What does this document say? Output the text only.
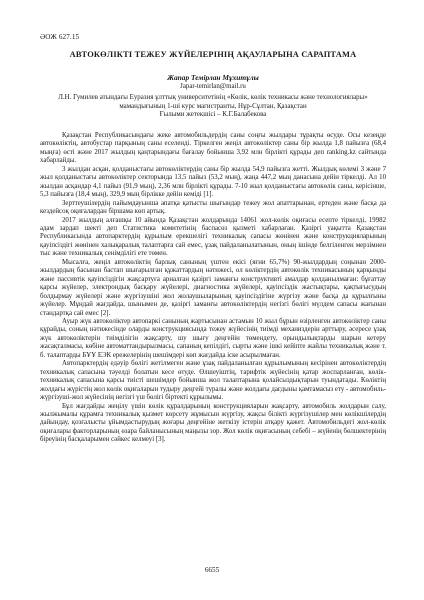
ӘОЖ 627.15
АВТОКӨЛІКТІ ТЕЖЕУ ЖҮЙЕЛЕРІНІҢ АҚАУЛАРЫНА САРАПТАМА
Жапар Темірлан Мұхитұлы
Japar-temirlan@mail.ru
Л.Н. Гумилев атындағы Еуразия ұлттық университетінің «Көлік, көлік техникасы және технологиялары» мамандығының 1-ші курс магистранты, Нұр-Сұлтан, Қазақстан
Ғылыми жетекшісі – К.Г.Балабекова

Қазақстан Республикасындағы жеке автомобильдердің саны соңғы жылдары тұрақты өсуде. Осы кезеңде автокөліктің, автобустар парқының саны еселенді. Тіркелген жеңіл автокөліктер саны бір жылда 1,8 пайызға (68,4 мыңға) өсті және 2017 жылдың қаңтарындағы бағалау бойынша 3,92 млн бірлікті құрады деп ranking.kz сайтында хабарлайды.

3 жылдан асқан, қолданыстағы автокөліктердің саны бір жылда 54,9 пайызға жетті. Жылдық көлемі 3 және 7 жыл қолданыстағы автокөліктер секторында 13,5 пайыз (53,2 мың), жаңа 447,2 мың данасына дейін тіркелді. Ал 10 жылдан асқандар 4,1 пайыз (91,9 мың), 2,36 млн бірлікті құрады. 7-10 жыл қолданыстағы автокөлік саны, керісінше, 5,3 пайызға (18,4 мың), 329,9 мың бірлікке дейін кеміді [1].

Зерттеушілердің пайымдауынша апатқа қатысты шығындар тежеу жол апаттарынан, ертеден және басқа да кездейсоқ оқиғалардан біршама көп артық.

2017 жылдың алғашқы 10 айында Қазақстан жолдарында 14061 жол-көлік оқиғасы есепте тіркелді, 19982 адам зардап шекті деп Статистика комитетінің баспасөз қызметі хабарлаған. Қазіргі уақытта Қазақстан Республикасында автопарктердің құрылым ерекшелігі техникалық сапасы жөнінен және конструкцияларының қауіпсіздігі жөнінен халықаралық талаптарға сай емес, ұзақ пайдаланылатынын, оның ішінде белгіленген мерзімнен тыс және техникалық сенімділігі ете төмен.

Мысалға, жеңіл автокөліктің барлық санының үштен екісі (яғни 65,7%) 90-жылдардың соңынан 2000-жылдардың басынан бастап шығарылған құжаттардың нәтижесі, ол көліктердің автокөлік техникасының қарқынды және пассивтік қауіпсіздігін жақсартуға арналған қазіргі заманғы конструктивті амалдар қолданылмаған: бұғаттау қарсы жүйелер, электрондық басқару жүйелері, диагностика жүйелері, қауіпсіздік жастықтары, қақтығысудың болдырмау жүйелері және жүргізушіні жол жолаушыларының қауіпсіздігіне жүргізу және басқа да құрылғыны жүйелер. Мұндай жағдайда, шынымен де, қазіргі заманғы автокөліктердің негізгі бөлігі мүлдем сапасы жағынан стандартқа сай емес [2].

Ауыр жүк автокөліктер автопаркі санының жартысынан астамын 10 жыл бұрын өзірленген автокөліктер саны құрайды, соның нәтижесінде оларды конструкциясында тежеу жүйесінің тиімді механиздерін арттыру, әсересе ұзақ жүк автокөліктерін тиімділігін жақсарту, шу шығу деңгейін төмендету, орындылықтарды шарын кетеру жасақталмасы, көбіне автоматтандырылмасы, сапаның кепілдігі, сырты және ішкі кейіпте жайлы техникалық және т. б. талаптарды БҰҰ ЕЭК ережелерінің шешімдері көп жағдайда іске асырылмаған.

Автопарктердің едәуір бөлігі жетілмеген және ұзақ пайдаланылған құрылымының кесірінен автокөліктердің техникалық сапасына тәуелді болатын кесе өтуде. Өлшеуіштің, тарифтік жүйесінің қатар жоспарланған, көлік-техникалық сапасына қарсы тиісті шешімдер бойынша жол талаптарына қолайсыздықтарын туындатады. Көліктің жолдағы жүрістің жол көлік оқиғаларын тудыру деңгейі туралы және жолдағы дағдыны қамтамасыз ету - автомобиль-жүргізуші-жол жүйесінің негізгі үш бөлігі біртекті құрылымы.

Бұл жағдайды жеңілу үшін көлік құралдарының конструкцияларын жақсарту, автомобиль жолдарын салу, жылжымалы құрамға техникалық қызмет көрсету жұмысын жүргізу, жақсы білікті жүргізушілер мен көлікшілердің дайындау, қозғалысты ұйымдастырудың жоғары деңгейіне жеткізу істерін атқару қажет. Автомобильдегі жол-көлік оқиғалары факторларының өзара байланысының маңызы зор. Жол көлік оқиғасының себебі – жүйенің бөлшектерінің біреуінің басқаларымен сәйкес келмеуі [3].

6655
